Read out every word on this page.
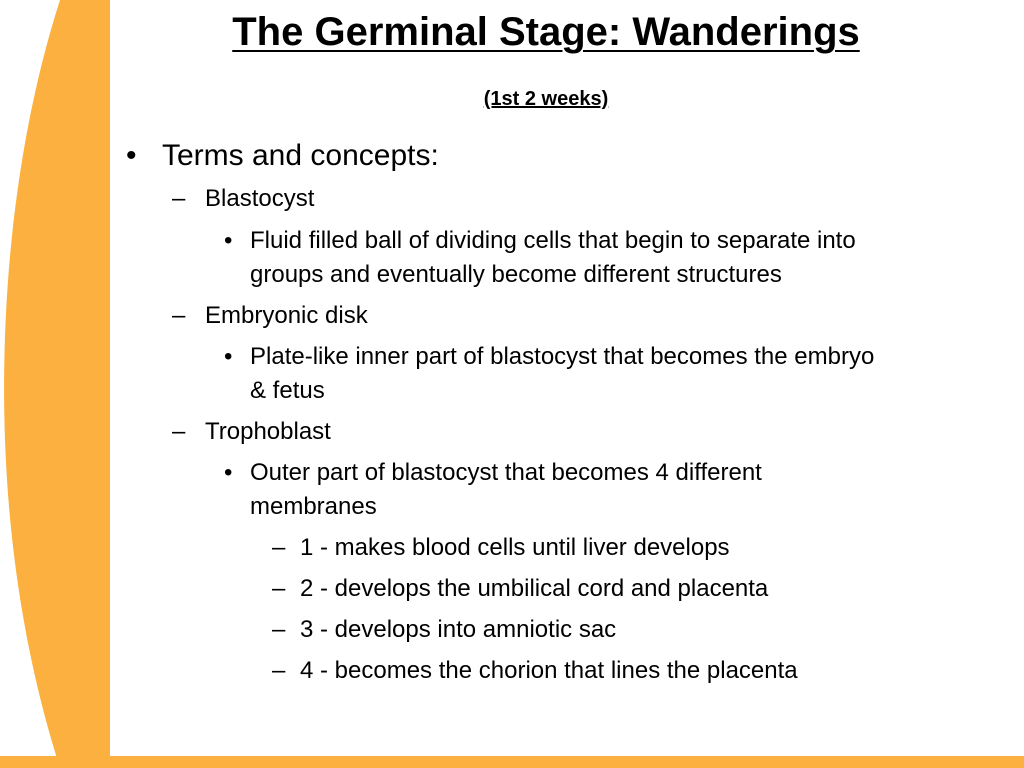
The Germinal Stage: Wanderings

(1st 2 weeks)

• Terms and concepts:
– Blastocyst
• Fluid filled ball of dividing cells that begin to separate into
groups and eventually become different structures
– Embryonic disk
• Plate-like inner part of blastocyst that becomes the embryo
& fetus
– Trophoblast
• Outer part of blastocyst that becomes 4 different
membranes
– 1 - makes blood cells until liver develops
– 2 - develops the umbilical cord and placenta
– 3 - develops into amniotic sac
– 4 - becomes the chorion that lines the placenta
